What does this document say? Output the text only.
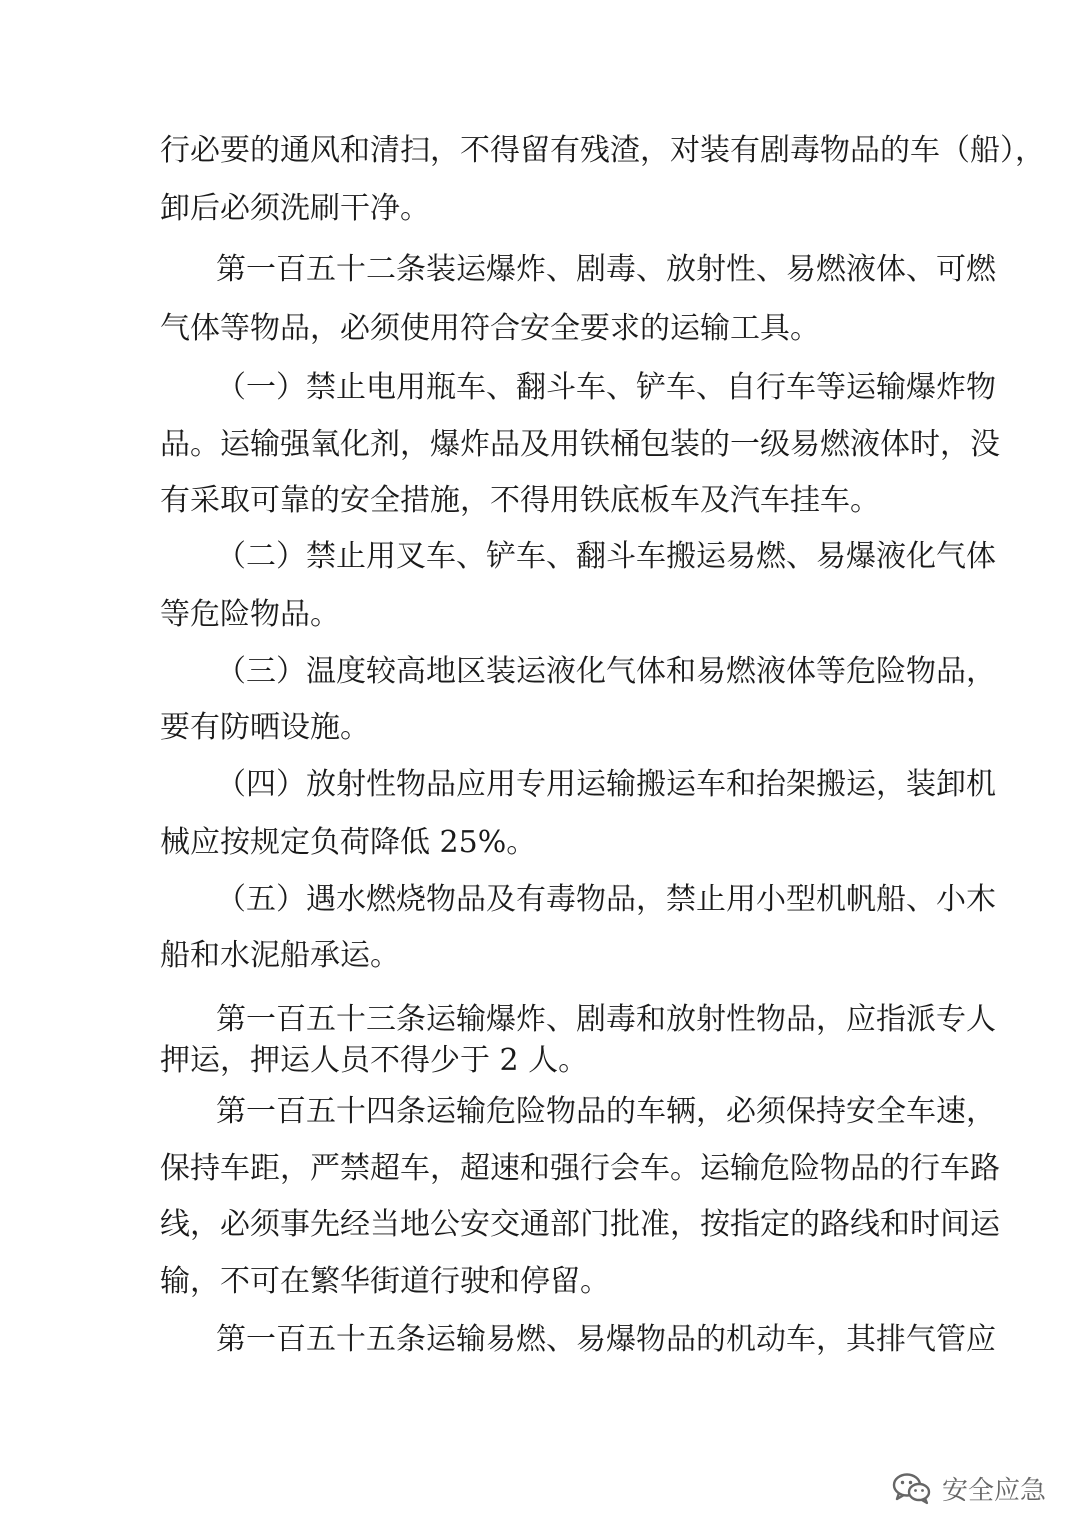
行必要的通风和清扫，不得留有残渣，对装有剧毒物品的车（船），
卸后必须洗刷干净。
第一百五十二条装运爆炸、剧毒、放射性、易燃液体、可燃
气体等物品，必须使用符合安全要求的运输工具。
（一）禁止电用瓶车、翻斗车、铲车、自行车等运输爆炸物
品。运输强氧化剂，爆炸品及用铁桶包装的一级易燃液体时，没
有采取可靠的安全措施，不得用铁底板车及汽车挂车。
（二）禁止用叉车、铲车、翻斗车搬运易燃、易爆液化气体
等危险物品。
（三）温度较高地区装运液化气体和易燃液体等危险物品，
要有防晒设施。
（四）放射性物品应用专用运输搬运车和抬架搬运，装卸机
械应按规定负荷降低 25%。
（五）遇水燃烧物品及有毒物品，禁止用小型机帆船、小木
船和水泥船承运。
第一百五十三条运输爆炸、剧毒和放射性物品，应指派专人
押运，押运人员不得少于 2 人。
第一百五十四条运输危险物品的车辆，必须保持安全车速，
保持车距，严禁超车，超速和强行会车。运输危险物品的行车路
线，必须事先经当地公安交通部门批准，按指定的路线和时间运
输，不可在繁华街道行驶和停留。
第一百五十五条运输易燃、易爆物品的机动车，其排气管应
安全应急
